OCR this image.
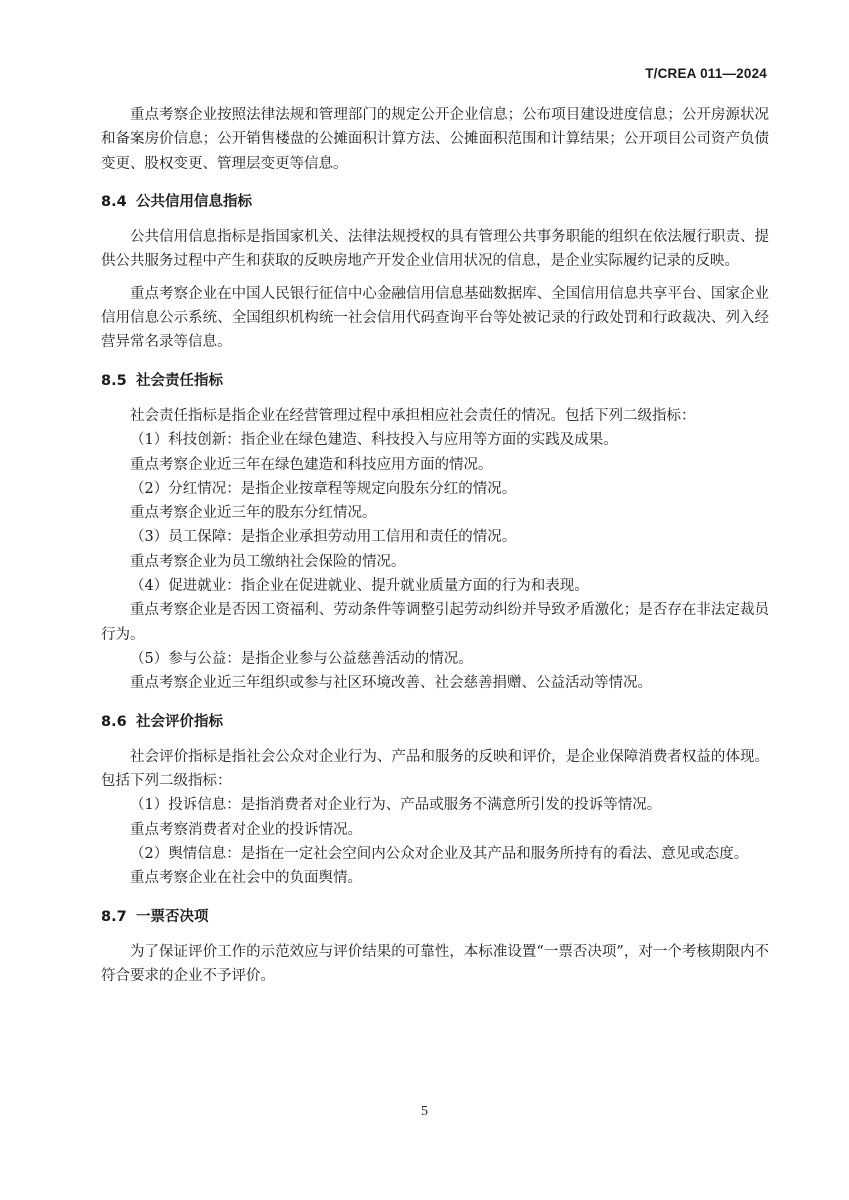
T/CREA 011—2024

重点考察企业按照法律法规和管理部门的规定公开企业信息；公布项目建设进度信息；公开房源状况和备案房价信息；公开销售楼盘的公摊面积计算方法、公摊面积范围和计算结果；公开项目公司资产负债变更、股权变更、管理层变更等信息。

8.4 公共信用信息指标

公共信用信息指标是指国家机关、法律法规授权的具有管理公共事务职能的组织在依法履行职责、提供公共服务过程中产生和获取的反映房地产开发企业信用状况的信息，是企业实际履约记录的反映。

重点考察企业在中国人民银行征信中心金融信用信息基础数据库、全国信用信息共享平台、国家企业信用信息公示系统、全国组织机构统一社会信用代码查询平台等处被记录的行政处罚和行政裁决、列入经营异常名录等信息。

8.5 社会责任指标

社会责任指标是指企业在经营管理过程中承担相应社会责任的情况。包括下列二级指标：

（1）科技创新：指企业在绿色建造、科技投入与应用等方面的实践及成果。

重点考察企业近三年在绿色建造和科技应用方面的情况。

（2）分红情况：是指企业按章程等规定向股东分红的情况。

重点考察企业近三年的股东分红情况。

（3）员工保障：是指企业承担劳动用工信用和责任的情况。

重点考察企业为员工缴纳社会保险的情况。

（4）促进就业：指企业在促进就业、提升就业质量方面的行为和表现。

重点考察企业是否因工资福利、劳动条件等调整引起劳动纠纷并导致矛盾激化；是否存在非法定裁员行为。

（5）参与公益：是指企业参与公益慈善活动的情况。

重点考察企业近三年组织或参与社区环境改善、社会慈善捐赠、公益活动等情况。

8.6 社会评价指标

社会评价指标是指社会公众对企业行为、产品和服务的反映和评价，是企业保障消费者权益的体现。包括下列二级指标：

（1）投诉信息：是指消费者对企业行为、产品或服务不满意所引发的投诉等情况。

重点考察消费者对企业的投诉情况。

（2）舆情信息：是指在一定社会空间内公众对企业及其产品和服务所持有的看法、意见或态度。

重点考察企业在社会中的负面舆情。

8.7 一票否决项

为了保证评价工作的示范效应与评价结果的可靠性，本标准设置“一票否决项”，对一个考核期限内不符合要求的企业不予评价。

5
